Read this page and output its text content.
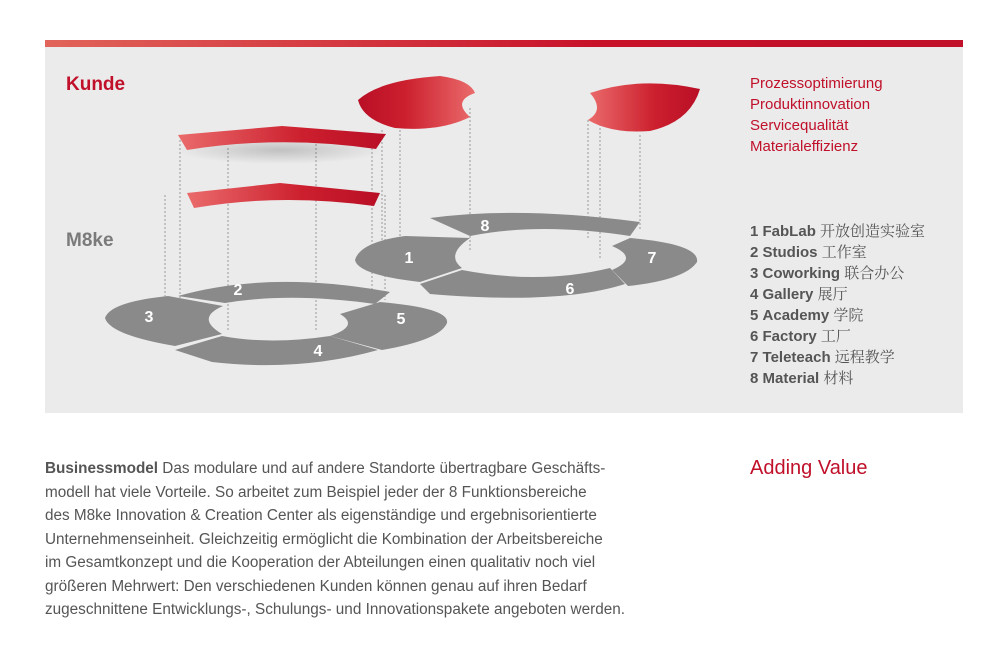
1
2
3
4
5
6
7
8
Kunde
M8ke
Prozessoptimierung
Produktinnovation
Servicequalität
Materialeffizienz
1 FabLab 开放创造实验室
2 Studios 工作室
3 Coworking 联合办公
4 Gallery 展厅
5 Academy 学院
6 Factory 工厂
7 Teleteach 远程教学
8 Material 材料
Businessmodel Das modulare und auf andere Standorte übertragbare Geschäfts-
modell hat viele Vorteile. So arbeitet zum Beispiel jeder der 8 Funktionsbereiche
des M8ke Innovation & Creation Center als eigenständige und ergebnisorientierte
Unternehmenseinheit. Gleichzeitig ermöglicht die Kombination der Arbeitsbereiche
im Gesamtkonzept und die Kooperation der Abteilungen einen qualitativ noch viel
größeren Mehrwert: Den verschiedenen Kunden können genau auf ihren Bedarf
zugeschnittene Entwicklungs-, Schulungs- und Innovationspakete angeboten werden.
Adding Value
